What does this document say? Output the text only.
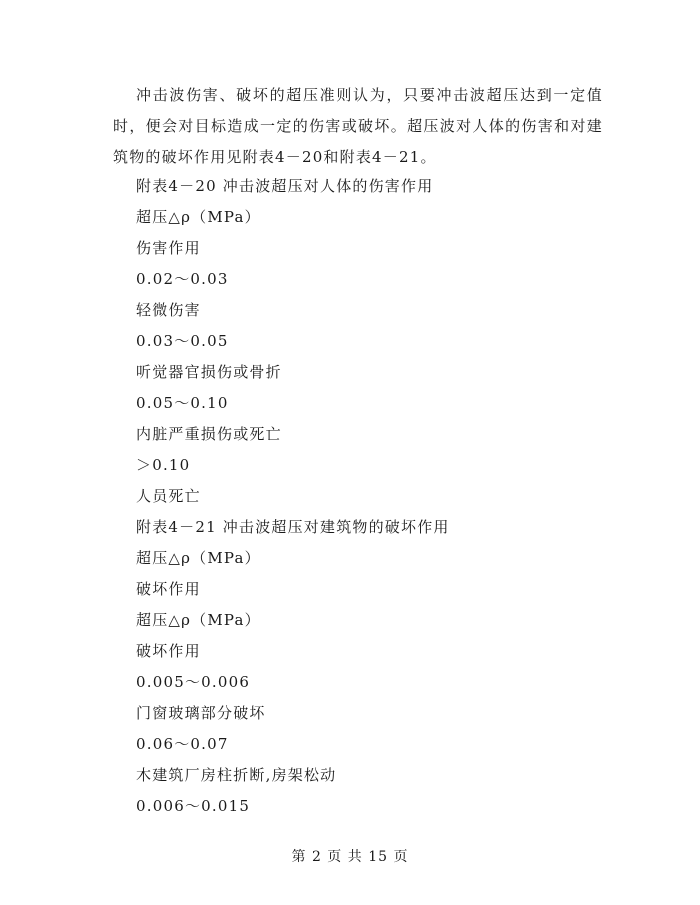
冲击波伤害、破坏的超压准则认为，只要冲击波超压达到一定值时，便会对目标造成一定的伤害或破坏。超压波对人体的伤害和对建筑物的破坏作用见附表4－20和附表4－21。

附表4－20 冲击波超压对人体的伤害作用
超压△ρ（MPa）
伤害作用
0.02～0.03
轻微伤害
0.03～0.05
听觉器官损伤或骨折
0.05～0.10
内脏严重损伤或死亡
＞0.10
人员死亡
附表4－21 冲击波超压对建筑物的破坏作用
超压△ρ（MPa）
破坏作用
超压△ρ（MPa）
破坏作用
0.005～0.006
门窗玻璃部分破坏
0.06～0.07
木建筑厂房柱折断,房架松动
0.006～0.015
第 2 页 共 15 页
